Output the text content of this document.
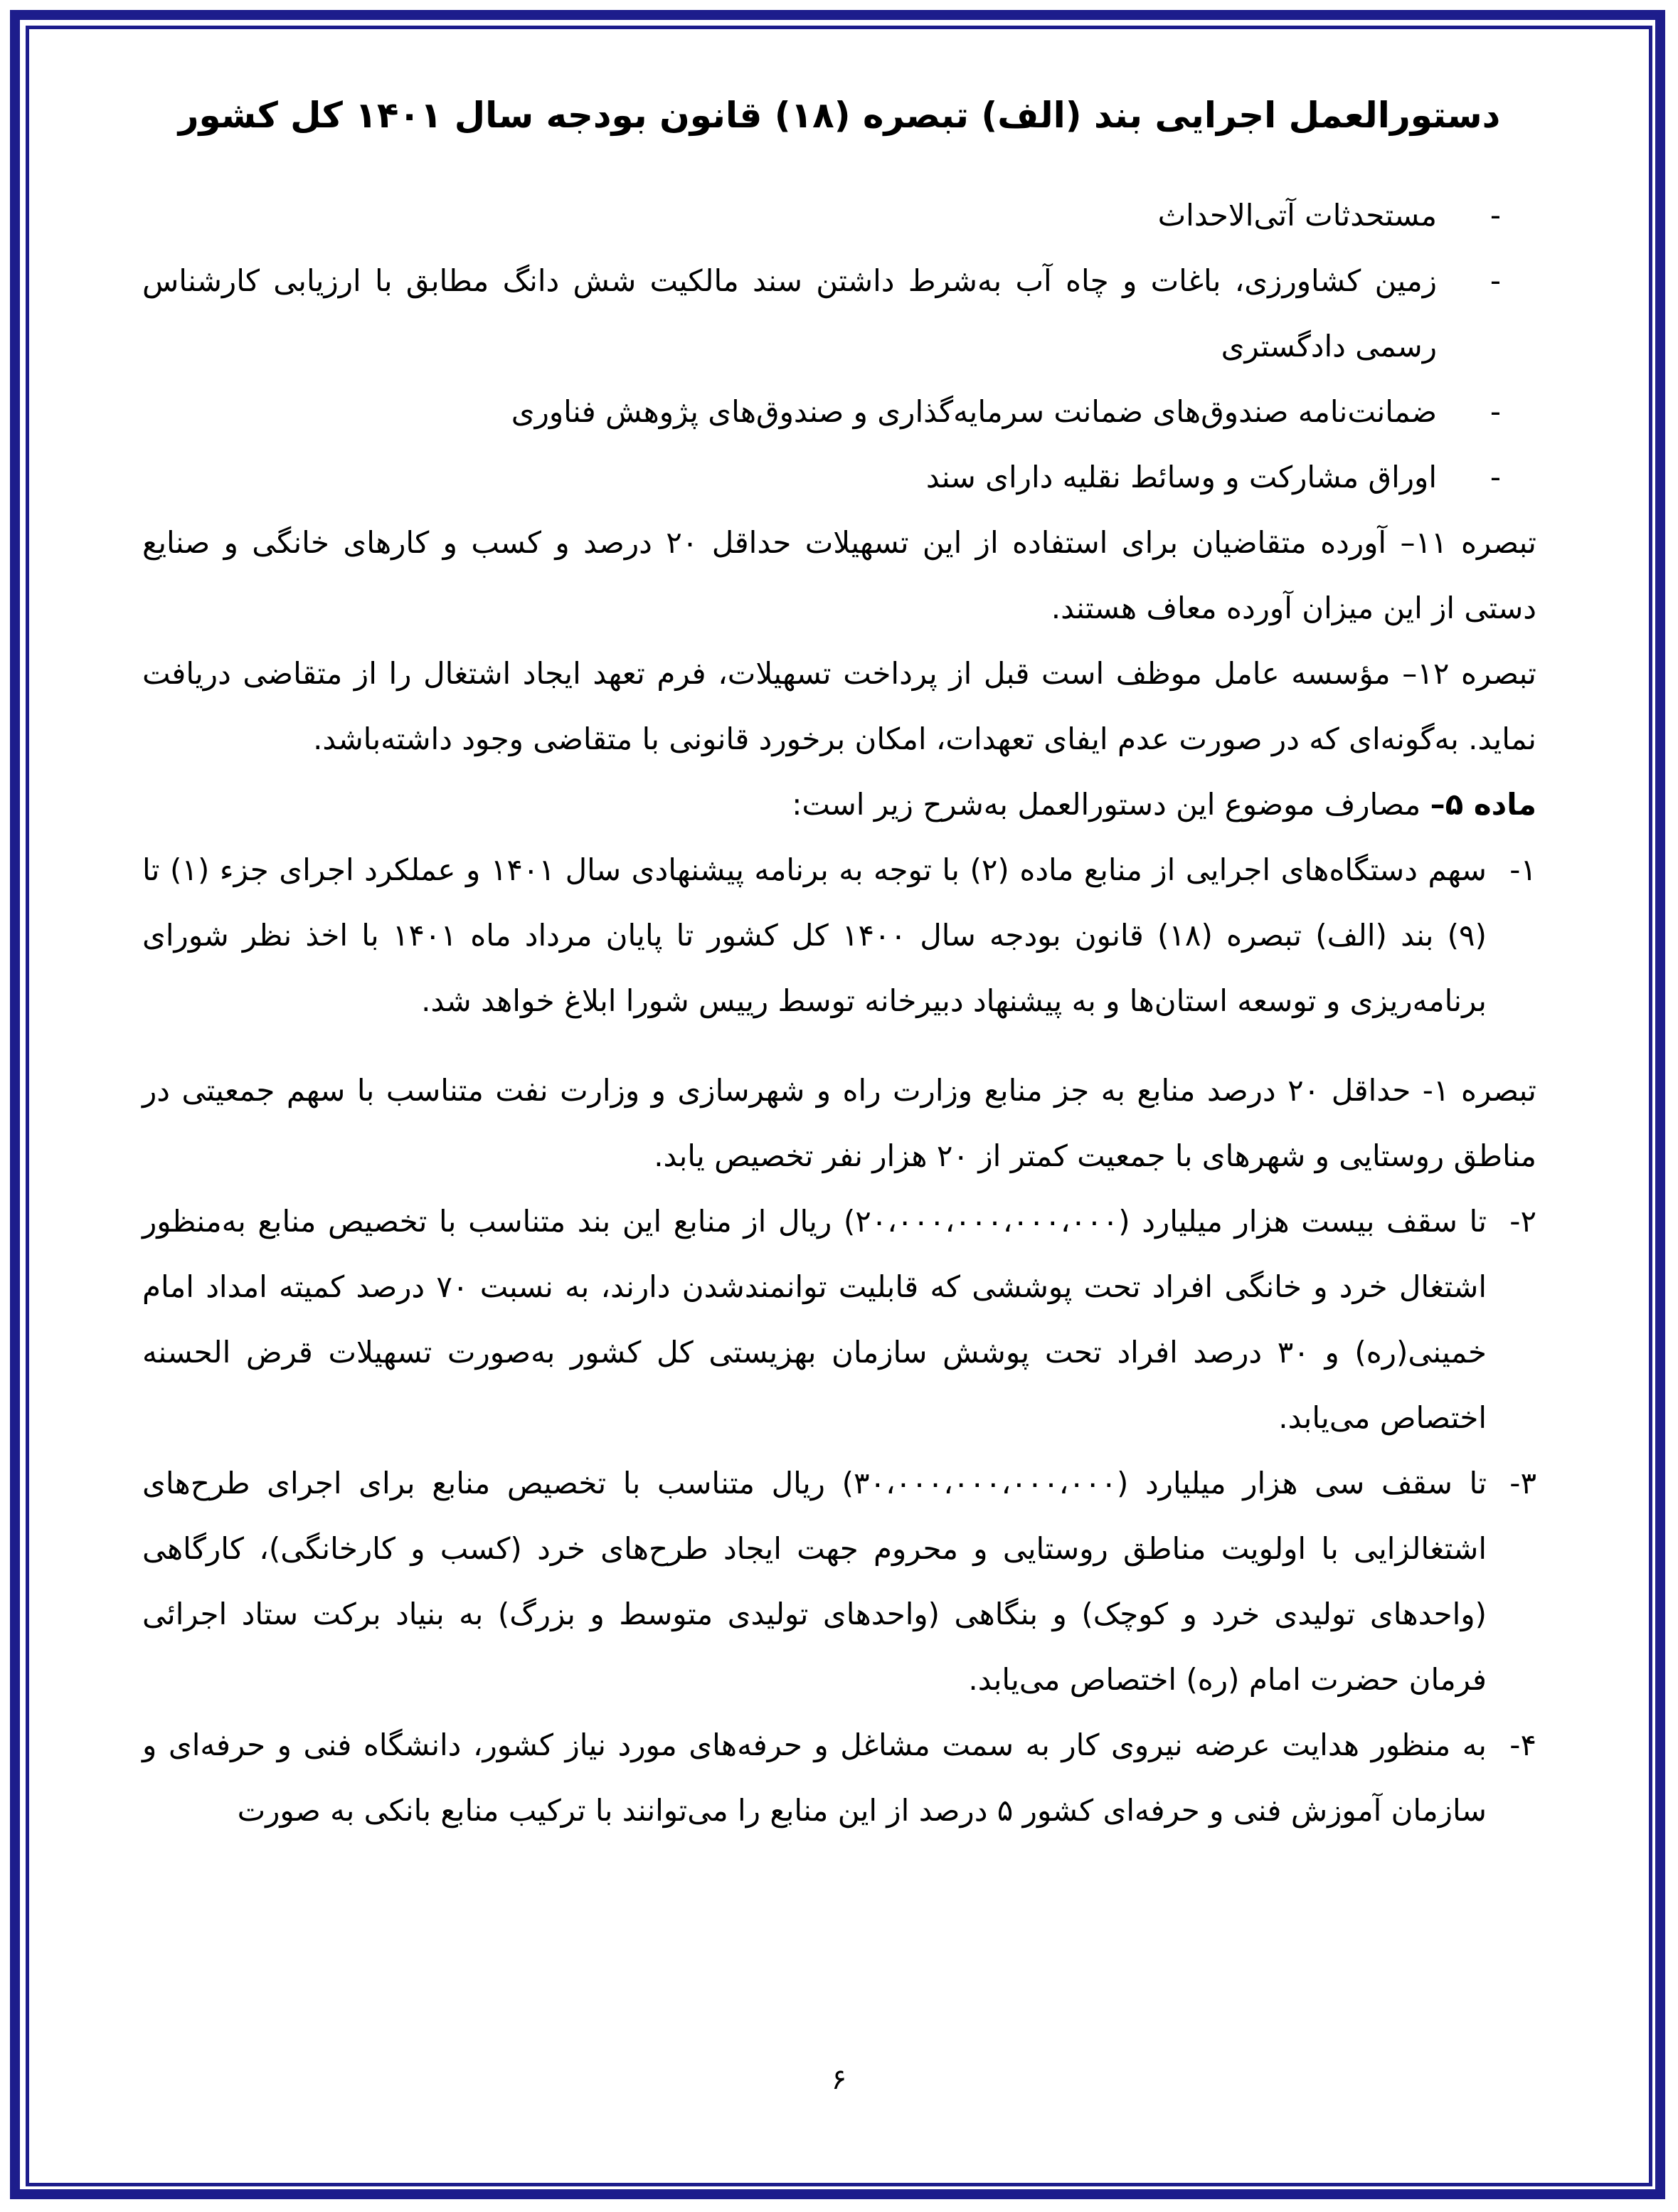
دستورالعمل اجرایی بند (الف) تبصره (۱۸) قانون بودجه سال ۱۴۰۱ کل کشور
-
مستحدثات آتی‌الاحداث
-
زمین کشاورزی، باغات و چاه آب به‌شرط داشتن سند مالکیت شش دانگ مطابق با ارزیابی کارشناس رسمی دادگستری
-
ضمانت‌نامه صندوق‌های ضمانت سرمایه‌گذاری و صندوق‌های پژوهش فناوری
-
اوراق مشارکت و وسائط نقلیه دارای سند

تبصره ۱۱– آورده متقاضیان برای استفاده از این تسهیلات حداقل ۲۰ درصد و کسب و کارهای خانگی و صنایع دستی از این میزان آورده معاف هستند.

تبصره ۱۲– مؤسسه عامل موظف است قبل از پرداخت تسهیلات، فرم تعهد ایجاد اشتغال را از متقاضی دریافت نماید. به‌گونه‌ای که در صورت عدم ایفای تعهدات، امکان برخورد قانونی با متقاضی وجود داشته‌باشد.

ماده ۵– مصارف موضوع این دستورالعمل به‌شرح زیر است:

۱-
سهم دستگاه‌های اجرایی از منابع ماده (۲) با توجه به برنامه پیشنهادی سال ۱۴۰۱ و عملکرد اجرای جزء (۱) تا (۹) بند (الف) تبصره (۱۸) قانون بودجه سال ۱۴۰۰ کل کشور تا پایان مرداد ماه ۱۴۰۱ با اخذ نظر شورای برنامه‌ریزی و توسعه استان‌ها و به پیشنهاد دبیرخانه توسط رییس شورا ابلاغ خواهد شد.

تبصره ۱- حداقل ۲۰ درصد منابع به جز منابع وزارت راه و شهرسازی و وزارت نفت متناسب با سهم جمعیتی در مناطق روستایی و شهرهای با جمعیت کمتر از ۲۰ هزار نفر تخصیص یابد.

۲-
تا سقف بیست هزار میلیارد (۲۰،۰۰۰،۰۰۰،۰۰۰،۰۰۰) ریال از منابع این بند متناسب با تخصیص منابع به‌منظور اشتغال خرد و خانگی افراد تحت پوششی که قابلیت توانمندشدن دارند، به نسبت ۷۰ درصد کمیته امداد امام خمینی(ره) و ۳۰ درصد افراد تحت پوشش سازمان بهزیستی کل کشور به‌صورت تسهیلات قرض الحسنه اختصاص می‌یابد.

۳-
تا سقف سی هزار میلیارد (۳۰،۰۰۰،۰۰۰،۰۰۰،۰۰۰) ریال متناسب با تخصیص منابع برای اجرای طرح‌های اشتغالزایی با اولویت مناطق روستایی و محروم جهت ایجاد طرح‌های خرد (کسب و کارخانگی)، کارگاهی (واحدهای تولیدی خرد و کوچک) و بنگاهی (واحدهای تولیدی متوسط و بزرگ) به بنیاد برکت ستاد اجرائی فرمان حضرت امام (ره) اختصاص می‌یابد.

۴-
به منظور هدایت عرضه نیروی کار به سمت مشاغل و حرفه‌های مورد نیاز کشور، دانشگاه فنی و حرفه‌ای و سازمان آموزش فنی و حرفه‌ای کشور ۵ درصد از این منابع را می‌توانند با ترکیب منابع بانکی به صورت

۶
